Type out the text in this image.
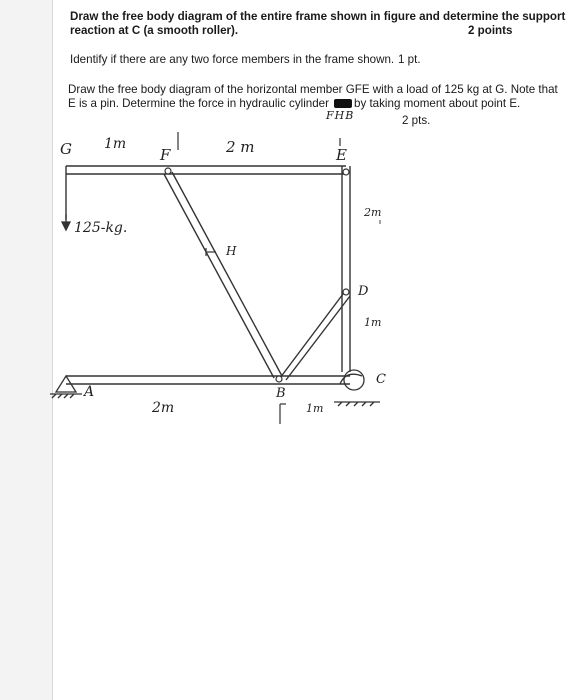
Draw the free body diagram of the entire frame shown in figure and determine the support
reaction at C (a smooth roller).	2 points
Identify if there are any two force members in the frame shown. 1 pt.
Draw the free body diagram of the horizontal member GFE with a load of 125 kg at G. Note that
E is a pin. Determine the force in hydraulic cylinder by taking moment about point E.
FHB	2 pts.
G	F	E
H
D
C
B
A
1m	2 m
2m
1m
2m	1m
125-kg.
